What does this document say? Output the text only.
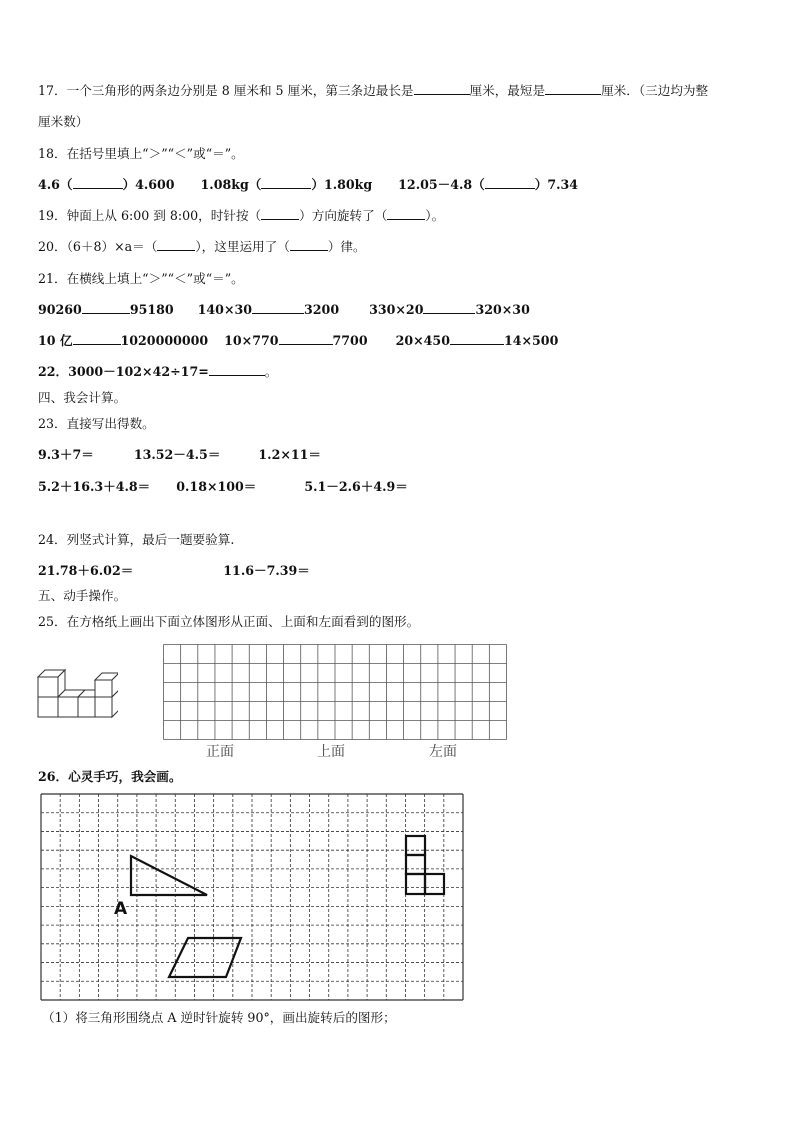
17．一个三角形的两条边分别是 8 厘米和 5 厘米，第三条边最长是	厘米，最短是	厘米．（三边均为整
厘米数）
18．在括号里填上“＞”“＜”或“＝”。
4.6（	）4.600 1.08kg（	）1.80kg 12.05－4.8（	）7.34
19．钟面上从 6:00 到 8:00，时针按（	）方向旋转了（	）。
20．（6＋8）×a＝（	），这里运用了（	）律。
21．在横线上填上“＞”“＜”或“＝”。
90260	95180 140×30	3200 330×20	320×30
10 亿	1020000000 10×770	7700 20×450	14×500
22．3000－102×42÷17=	。
四、我会计算。
23．直接写出得数。
9.3＋7＝	13.52－4.5＝	1.2×11＝
5.2＋16.3＋4.8＝ 0.18×100＝	5.1－2.6＋4.9＝
24．列竖式计算，最后一题要验算.
21.78＋6.02＝	11.6－7.39＝
五、动手操作。
25．在方格纸上画出下面立体图形从正面、上面和左面看到的图形。
正面	上面	左面
26．心灵手巧，我会画。
A
（1）将三角形围绕点 A 逆时针旋转 90°，画出旋转后的图形；
